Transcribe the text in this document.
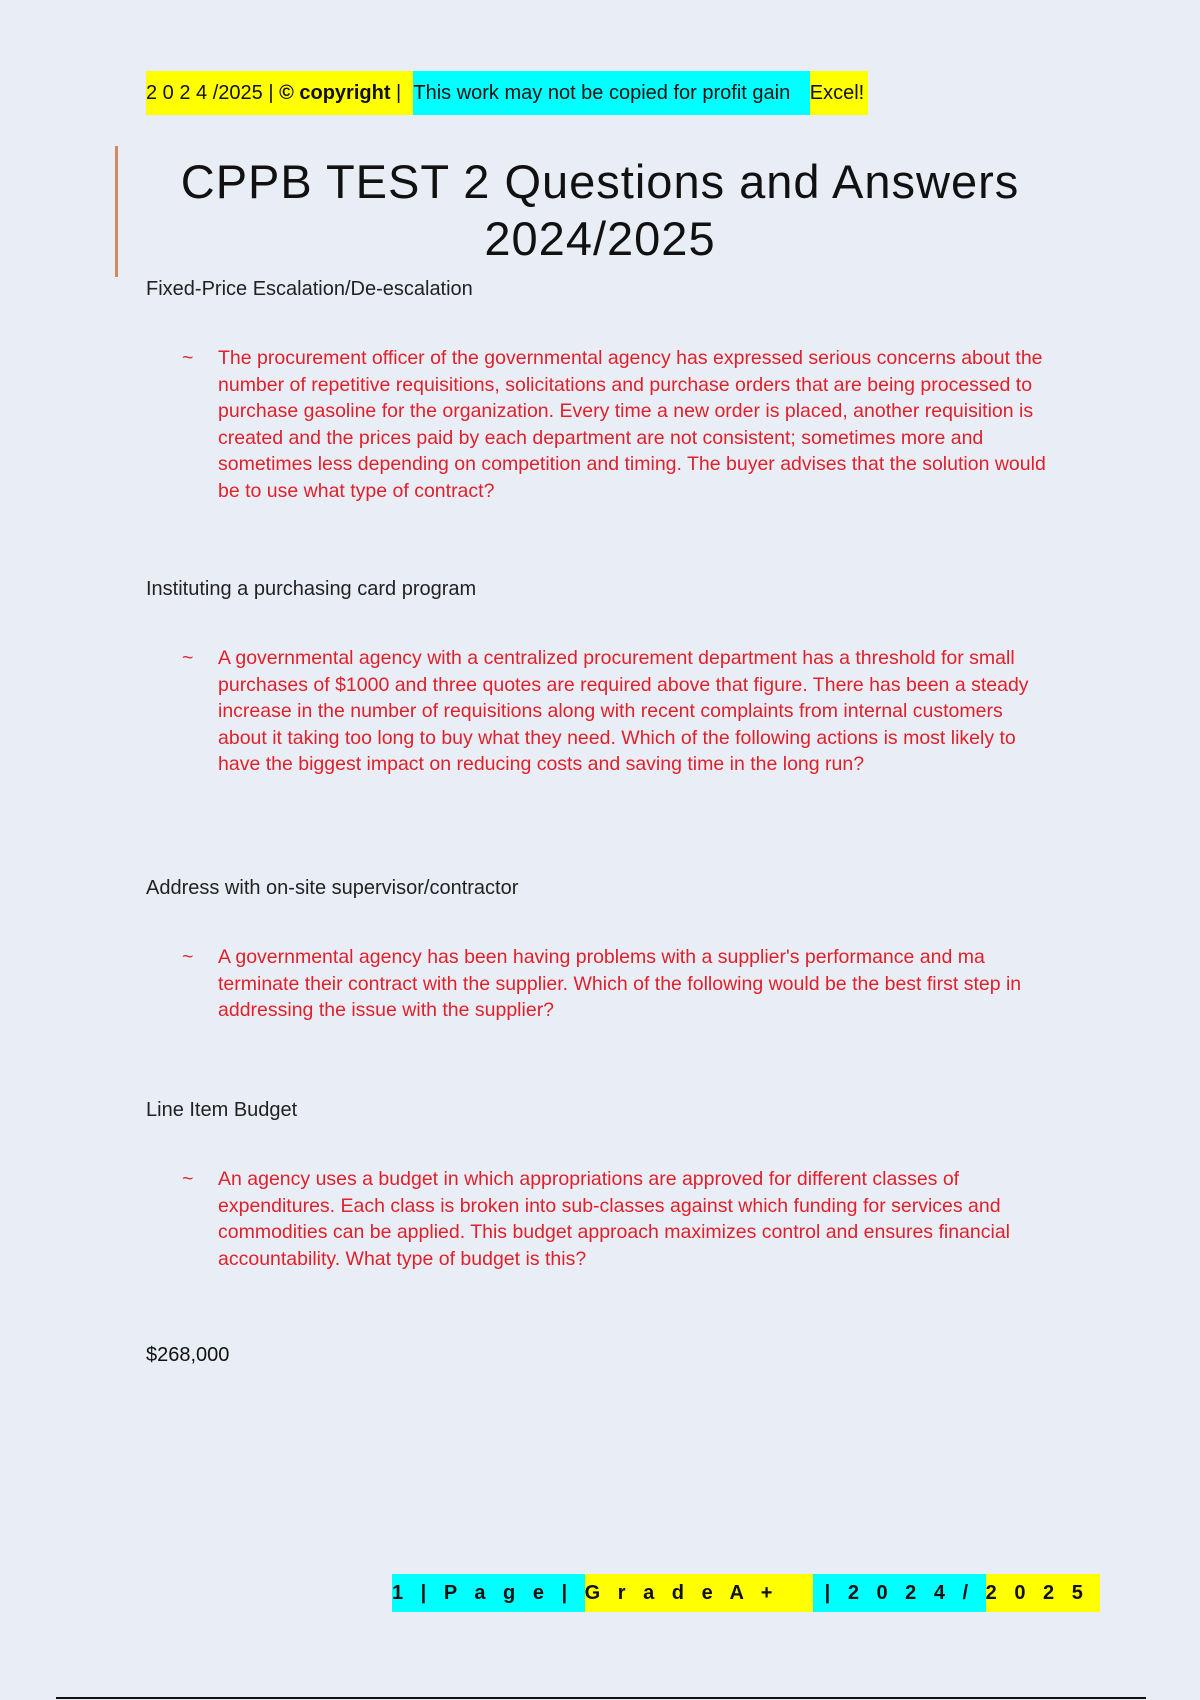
2 0 2 4 /2025 | © copyright | This work may not be copied for profit gain Excel!
CPPB TEST 2 Questions and Answers
2024/2025
Fixed-Price Escalation/De-escalation
~	The procurement officer of the governmental agency has expressed serious concerns about the number of repetitive requisitions, solicitations and purchase orders that are being processed to purchase gasoline for the organization. Every time a new order is placed, another requisition is created and the prices paid by each department are not consistent; sometimes more and sometimes less depending on competition and timing. The buyer advises that the solution would be to use what type of contract?
Instituting a purchasing card program
~	A governmental agency with a centralized procurement department has a threshold for small purchases of $1000 and three quotes are required above that figure. There has been a steady increase in the number of requisitions along with recent complaints from internal customers about it taking too long to buy what they need. Which of the following actions is most likely to have the biggest impact on reducing costs and saving time in the long run?
Address with on-site supervisor/contractor
~	A governmental agency has been having problems with a supplier's performance and ma terminate their contract with the supplier. Which of the following would be the best first step in addressing the issue with the supplier?
Line Item Budget
~	An agency uses a budget in which appropriations are approved for different classes of expenditures. Each class is broken into sub-classes against which funding for services and commodities can be applied. This budget approach maximizes control and ensures financial accountability. What type of budget is this?
$268,000
1 | P a g e | G r a d e A + | 2 0 2 4 / 2 0 2 5
